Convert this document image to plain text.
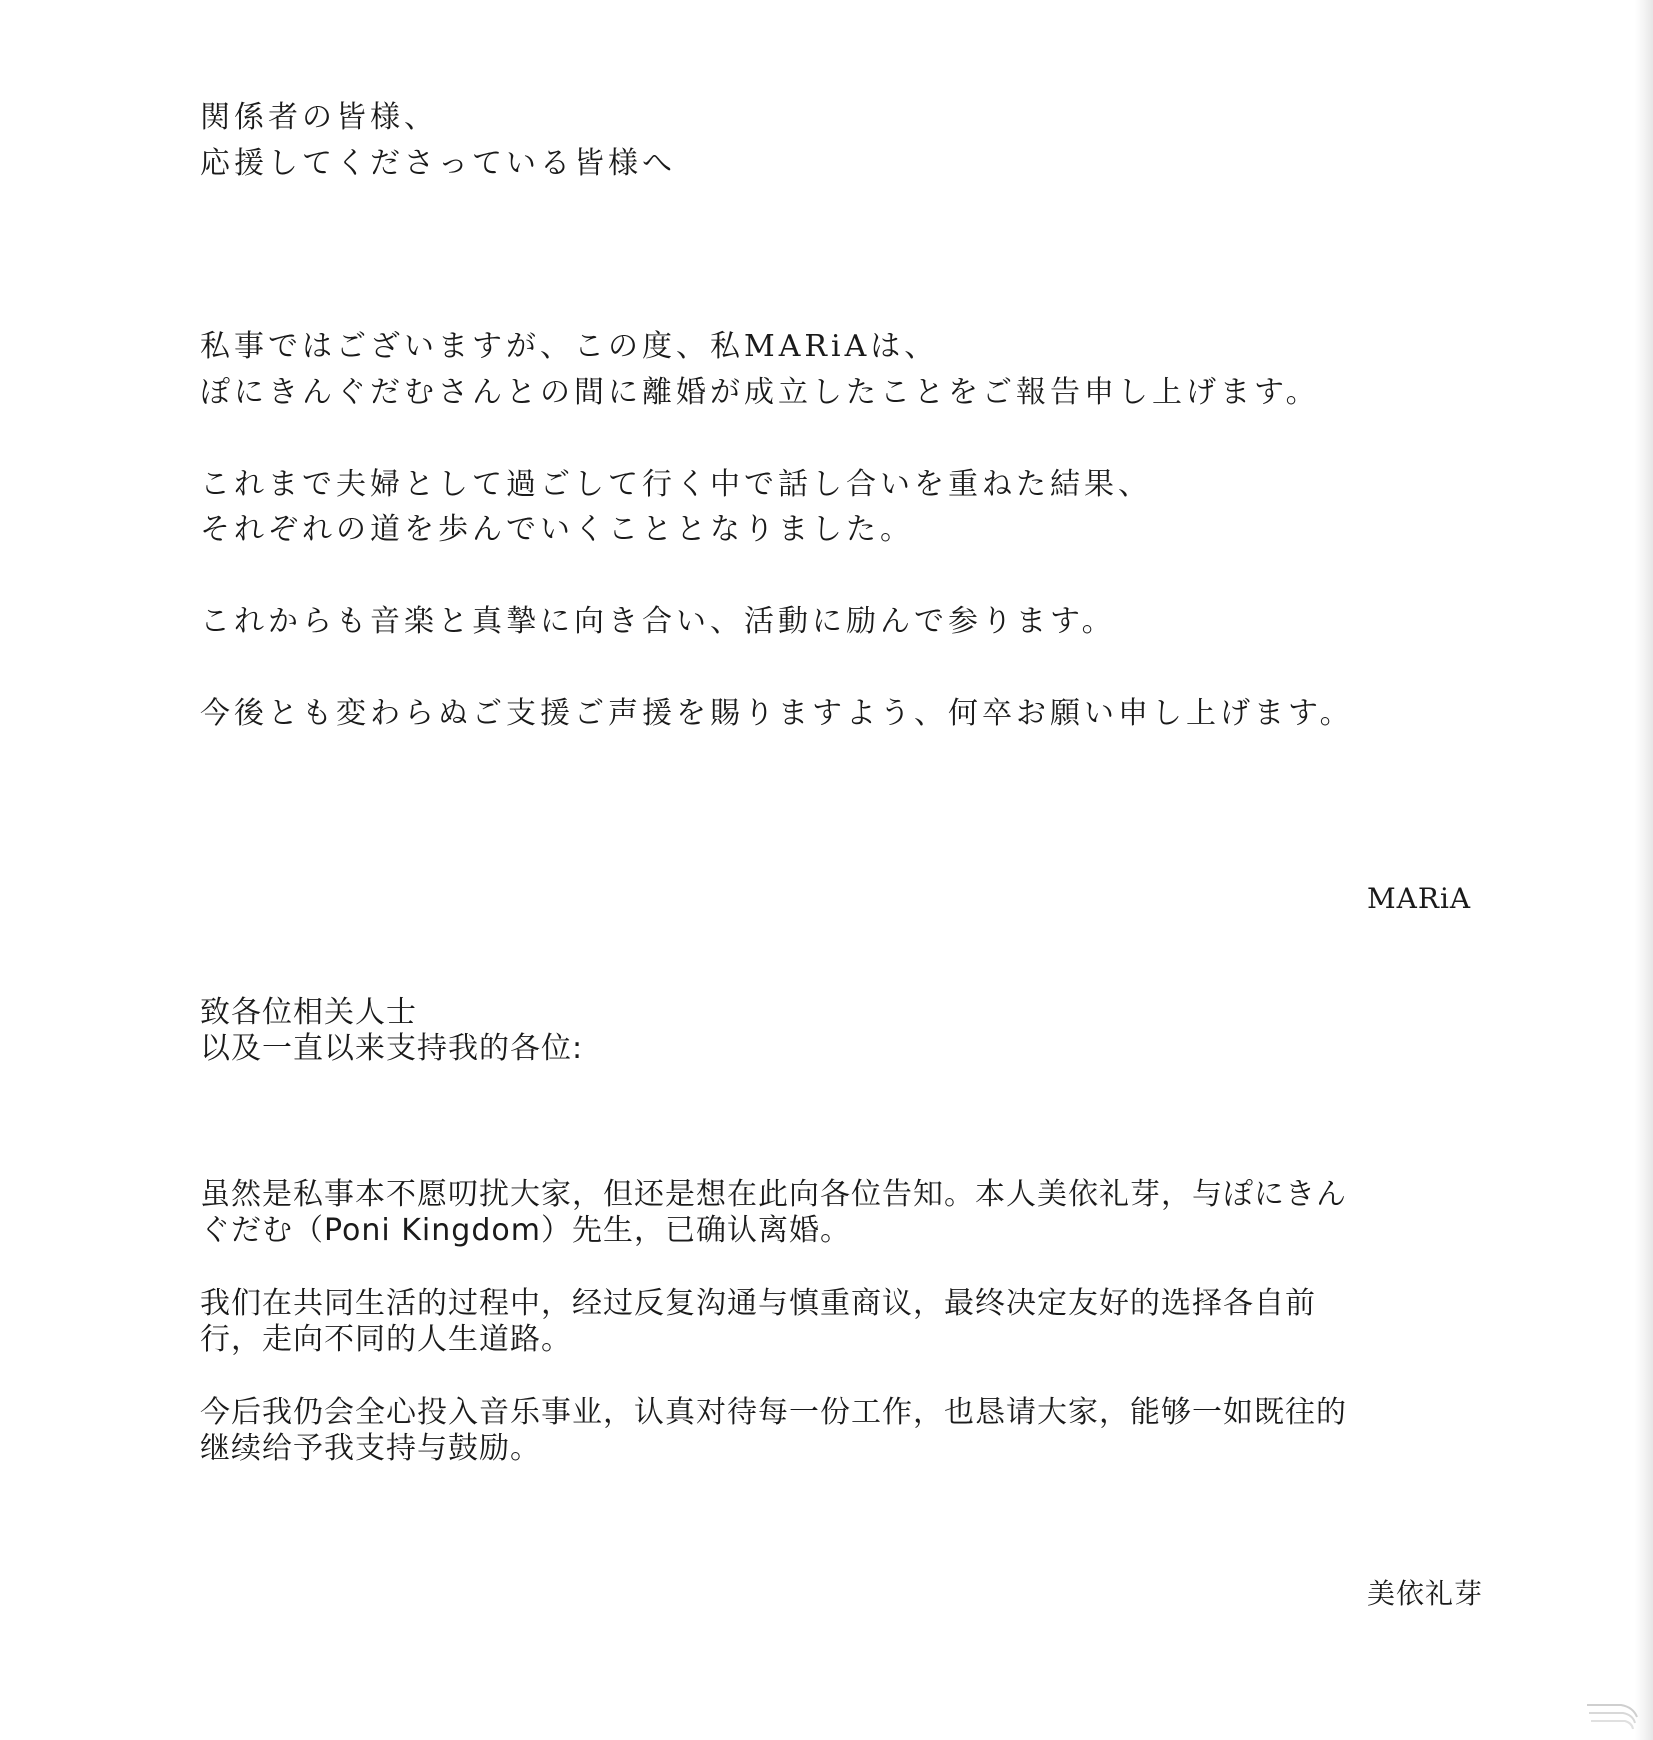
関係者の皆様、
応援してくださっている皆様へ
私事ではございますが、この度、私MARiAは、
ぽにきんぐだむさんとの間に離婚が成立したことをご報告申し上げます。
これまで夫婦として過ごして行く中で話し合いを重ねた結果、
それぞれの道を歩んでいくこととなりました。
これからも音楽と真摯に向き合い、活動に励んで参ります。
今後とも変わらぬご支援ご声援を賜りますよう、何卒お願い申し上げます。
MARiA
致各位相关人士
以及一直以来支持我的各位:
虽然是私事本不愿叨扰大家，但还是想在此向各位告知。本人美依礼芽，与ぽにきん
ぐだむ（Poni Kingdom）先生，已确认离婚。
我们在共同生活的过程中，经过反复沟通与慎重商议，最终决定友好的选择各自前
行，走向不同的人生道路。
今后我仍会全心投入音乐事业，认真对待每一份工作，也恳请大家，能够一如既往的
继续给予我支持与鼓励。
美依礼芽
